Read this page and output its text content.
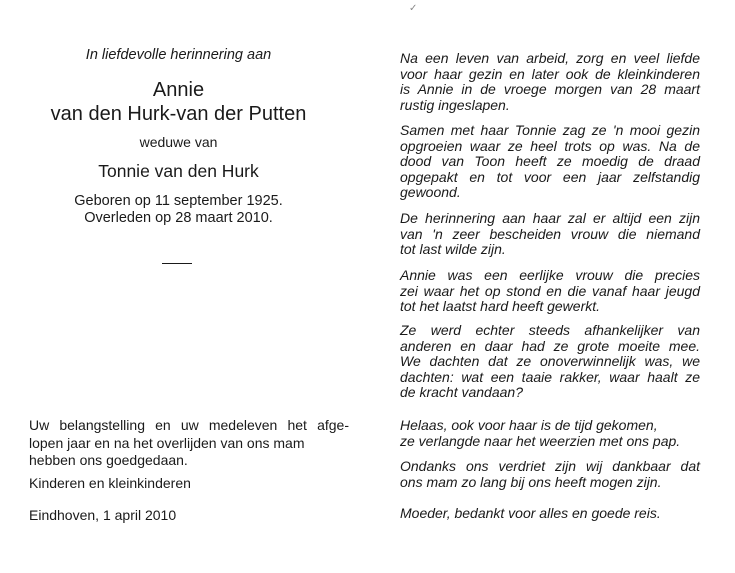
✓
In liefdevolle herinnering aan
Annie
van den Hurk-van der Putten
weduwe van
Tonnie van den Hurk
Geboren op 11 september 1925.
Overleden op 28 maart 2010.
Uw belangstelling en uw medeleven het afge-
lopen jaar en na het overlijden van ons mam
hebben ons goedgedaan.
Kinderen en kleinkinderen
Eindhoven, 1 april 2010
Na een leven van arbeid, zorg en veel liefde
voor haar gezin en later ook de kleinkinderen
is Annie in de vroege morgen van 28 maart
rustig ingeslapen.
Samen met haar Tonnie zag ze 'n mooi gezin
opgroeien waar ze heel trots op was. Na de
dood van Toon heeft ze moedig de draad
opgepakt en tot voor een jaar zelfstandig
gewoond.
De herinnering aan haar zal er altijd een zijn
van 'n zeer bescheiden vrouw die niemand
tot last wilde zijn.
Annie was een eerlijke vrouw die precies
zei waar het op stond en die vanaf haar jeugd
tot het laatst hard heeft gewerkt.
Ze werd echter steeds afhankelijker van
anderen en daar had ze grote moeite mee.
We dachten dat ze onoverwinnelijk was, we
dachten: wat een taaie rakker, waar haalt ze
de kracht vandaan?
Helaas, ook voor haar is de tijd gekomen,
ze verlangde naar het weerzien met ons pap.
Ondanks ons verdriet zijn wij dankbaar dat
ons mam zo lang bij ons heeft mogen zijn.
Moeder, bedankt voor alles en goede reis.
